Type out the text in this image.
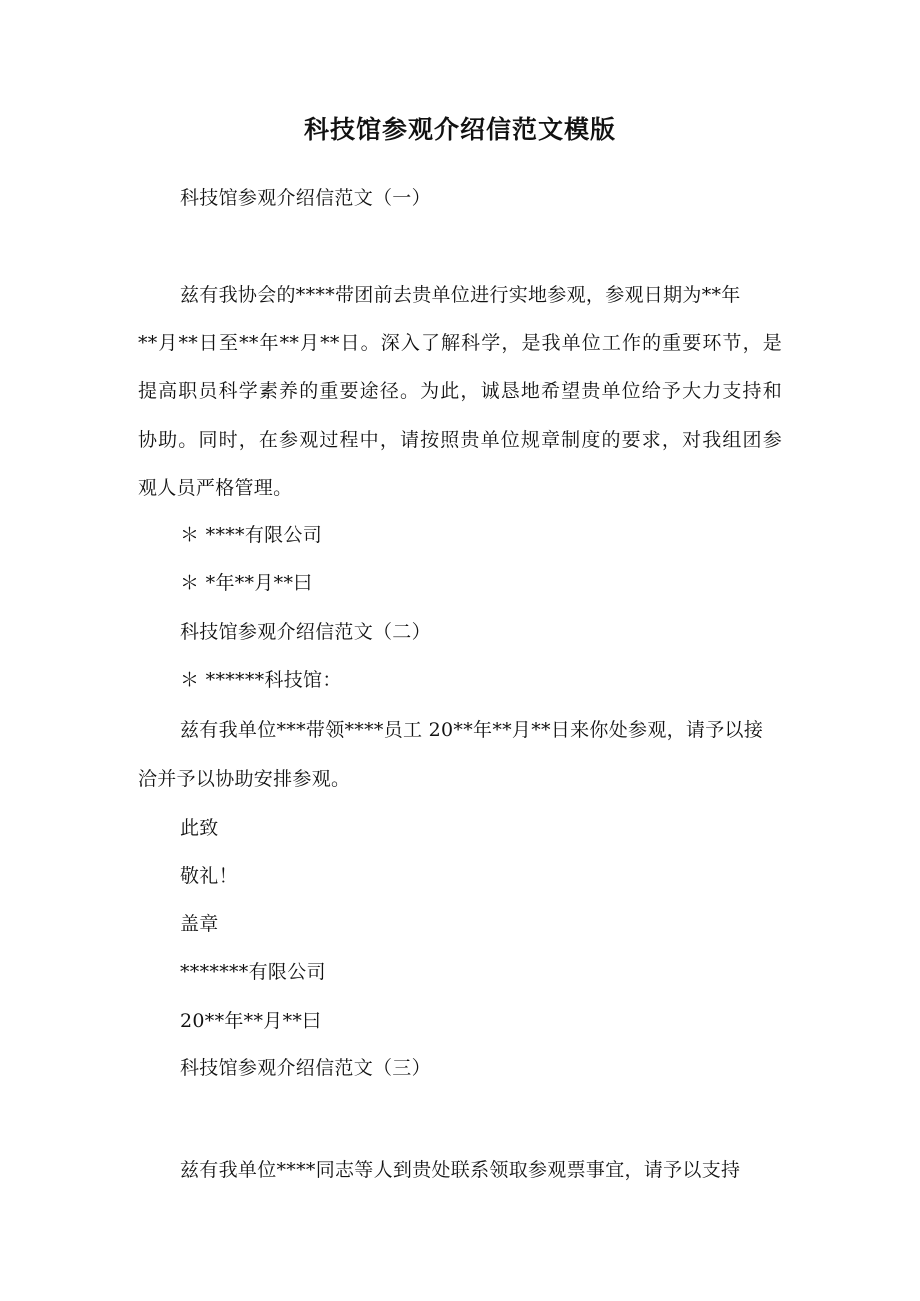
科技馆参观介绍信范文模版
科技馆参观介绍信范文（一）
兹有我协会的****带团前去贵单位进行实地参观，参观日期为**年
**月**日至**年**月**日。深入了解科学，是我单位工作的重要环节，是
提高职员科学素养的重要途径。为此，诚恳地希望贵单位给予大力支持和
协助。同时，在参观过程中，请按照贵单位规章制度的要求，对我组团参
观人员严格管理。
＊ ****有限公司
＊ *年**月**曰
科技馆参观介绍信范文（二）
＊ ******科技馆：
兹有我单位***带领****员工 20**年**月**日来你处参观，请予以接
洽并予以协助安排参观。
此致
敬礼！
盖章
*******有限公司
20**年**月**曰
科技馆参观介绍信范文（三）
兹有我单位****同志等人到贵处联系领取参观票事宜，请予以支持
